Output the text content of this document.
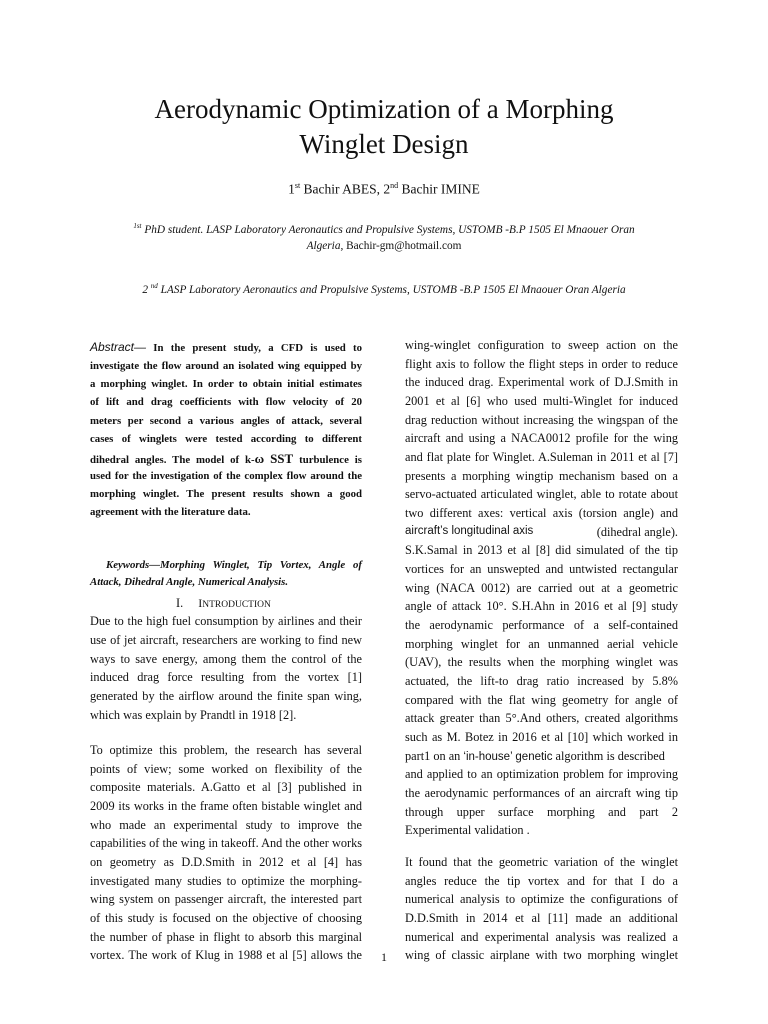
Aerodynamic Optimization of a Morphing
Winglet Design
1st Bachir ABES, 2nd Bachir IMINE
$^{1st}$ PhD student. LASP Laboratory Aeronautics and Propulsive Systems, USTOMB -B.P 1505 El Mnaouer Oran
Algeria, Bachir-gm@hotmail.com
2 $^{nd}$ LASP Laboratory Aeronautics and Propulsive Systems, USTOMB -B.P 1505 El Mnaouer Oran Algeria
Abstract— In the present study, a CFD is used to
investigate the flow around an isolated wing equipped by
a morphing winglet. In order to obtain initial estimates
of lift and drag coefficients with flow velocity of 20
meters per second a various angles of attack, several
cases of winglets were tested according to different
dihedral angles. The model of k-ω SST turbulence is
used for the investigation of the complex flow around the
morphing winglet. The present results shown a good
agreement with the literature data.
Keywords—Morphing Winglet, Tip Vortex, Angle of
Attack, Dihedral Angle, Numerical Analysis.
I. INTRODUCTION
Due to the high fuel consumption by airlines and their
use of jet aircraft, researchers are working to find new
ways to save energy, among them the control of the
induced drag force resulting from the vortex [1]
generated by the airflow around the finite span wing,
which was explain by Prandtl in 1918 [2].
To optimize this problem, the research has several
points of view; some worked on flexibility of the
composite materials. A.Gatto et al [3] published in
2009 its works in the frame often bistable winglet and
who made an experimental study to improve the
capabilities of the wing in takeoff. And the other works
on geometry as D.D.Smith in 2012 et al [4] has
investigated many studies to optimize the morphing-
wing system on passenger aircraft, the interested part
of this study is focused on the objective of choosing
the number of phase in flight to absorb this marginal
vortex. The work of Klug in 1988 et al [5] allows the
wing-winglet configuration to sweep action on the
flight axis to follow the flight steps in order to reduce
the induced drag. Experimental work of D.J.Smith in
2001 et al [6] who used multi-Winglet for induced
drag reduction without increasing the wingspan of the
aircraft and using a NACA0012 profile for the wing
and flat plate for Winglet. A.Suleman in 2011 et al [7]
presents a morphing wingtip mechanism based on a
servo-actuated articulated winglet, able to rotate about
two different axes: vertical axis (torsion angle) and
aircraft’s longitudinal axis	(dihedral angle).
S.K.Samal in 2013 et al [8] did simulated of the tip
vortices for an unswepted and untwisted rectangular
wing (NACA 0012) are carried out at a geometric
angle of attack 10°. S.H.Ahn in 2016 et al [9] study
the aerodynamic performance of a self-contained
morphing winglet for an unmanned aerial vehicle
(UAV), the results when the morphing winglet was
actuated, the lift-to drag ratio increased by 5.8%
compared with the flat wing geometry for angle of
attack greater than 5°.And others, created algorithms
such as M. Botez in 2016 et al [10] which worked in
part1 on an ‘in-house’ genetic algorithm is described
and applied to an optimization problem for improving
the aerodynamic performances of an aircraft wing tip
through upper surface morphing and part 2
Experimental validation .
It found that the geometric variation of the winglet
angles reduce the tip vortex and for that I do a
numerical analysis to optimize the configurations of
D.D.Smith in 2014 et al [11] made an additional
numerical and experimental analysis was realized a
wing of classic airplane with two morphing winglet
1
